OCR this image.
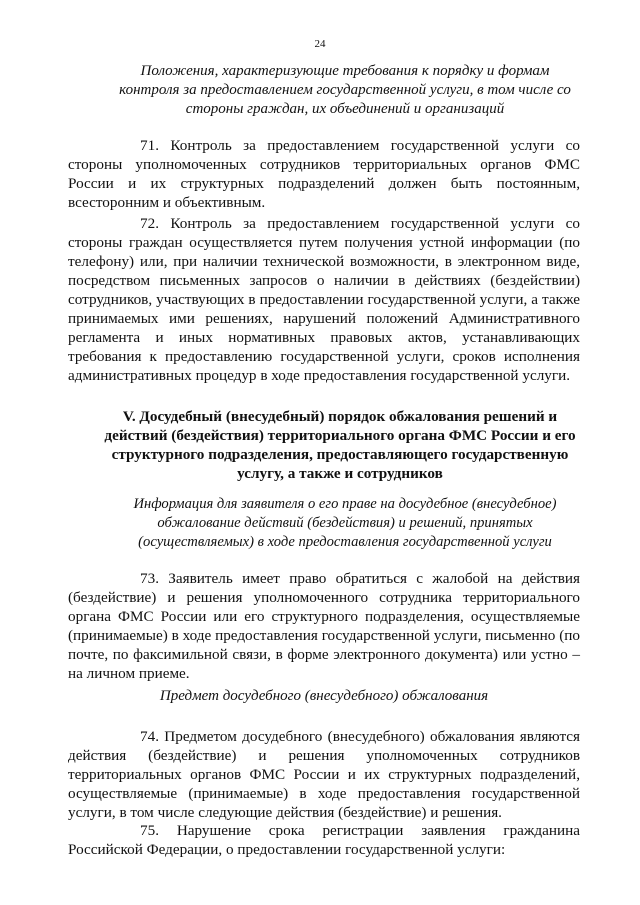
24
Положения, характеризующие требования к порядку и формам контроля за предоставлением государственной услуги, в том числе со стороны граждан, их объединений и организаций
71. Контроль за предоставлением государственной услуги со стороны уполномоченных сотрудников территориальных органов ФМС России и их структурных подразделений должен быть постоянным, всесторонним и объективным.
72. Контроль за предоставлением государственной услуги со стороны граждан осуществляется путем получения устной информации (по телефону) или, при наличии технической возможности, в электронном виде, посредством письменных запросов о наличии в действиях (бездействии) сотрудников, участвующих в предоставлении государственной услуги, а также принимаемых ими решениях, нарушений положений Административного регламента и иных нормативных правовых актов, устанавливающих требования к предоставлению государственной услуги, сроков исполнения административных процедур в ходе предоставления государственной услуги.
V. Досудебный (внесудебный) порядок обжалования решений и действий (бездействия) территориального органа ФМС России и его структурного подразделения, предоставляющего государственную услугу, а также и сотрудников
Информация для заявителя о его праве на досудебное (внесудебное) обжалование действий (бездействия) и решений, принятых (осуществляемых) в ходе предоставления государственной услуги
73. Заявитель имеет право обратиться с жалобой на действия (бездействие) и решения уполномоченного сотрудника территориального органа ФМС России или его структурного подразделения, осуществляемые (принимаемые) в ходе предоставления государственной услуги, письменно (по почте, по факсимильной связи, в форме электронного документа) или устно – на личном приеме.
Предмет досудебного (внесудебного) обжалования
74. Предметом досудебного (внесудебного) обжалования являются действия (бездействие) и решения уполномоченных сотрудников территориальных органов ФМС России и их структурных подразделений, осуществляемые (принимаемые) в ходе предоставления государственной услуги, в том числе следующие действия (бездействие) и решения.
75. Нарушение срока регистрации заявления гражданина Российской Федерации, о предоставлении государственной услуги:
